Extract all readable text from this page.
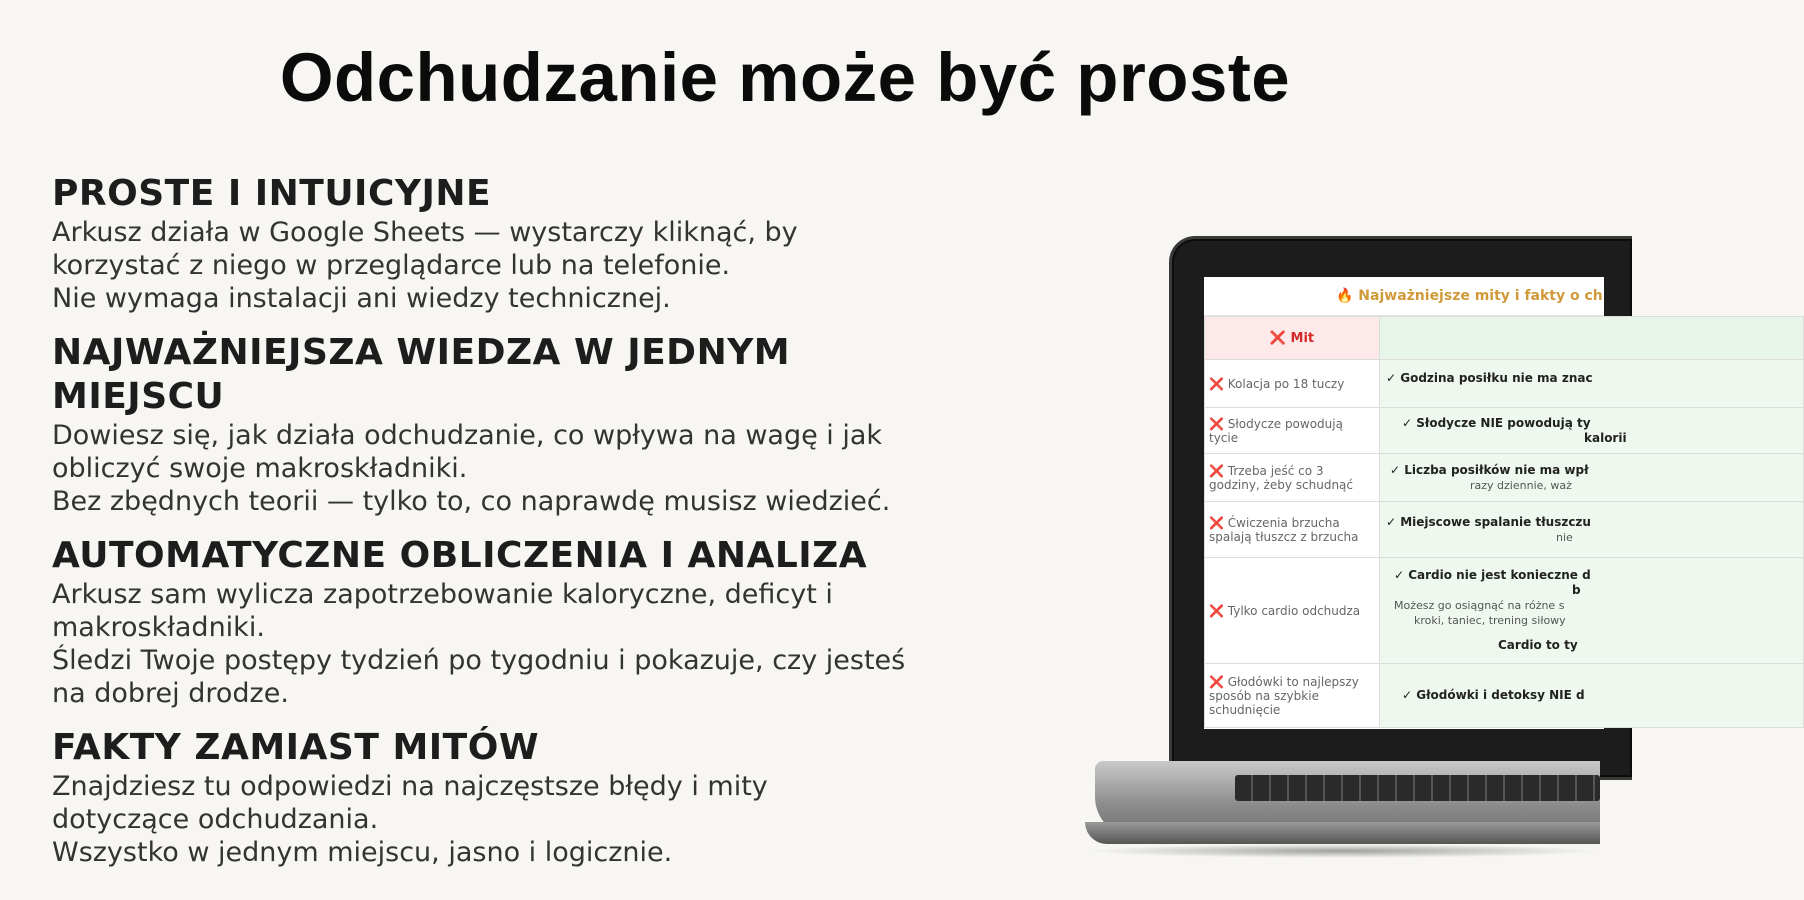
Odchudzanie może być proste
PROSTE I INTUICYJNE

Arkusz działa w Google Sheets — wystarczy kliknąć, by

korzystać z niego w przeglądarce lub na telefonie.

Nie wymaga instalacji ani wiedzy technicznej.

NAJWAŻNIEJSZA WIEDZA W JEDNYM MIEJSCU

Dowiesz się, jak działa odchudzanie, co wpływa na wagę i jak

obliczyć swoje makroskładniki.

Bez zbędnych teorii — tylko to, co naprawdę musisz wiedzieć.

AUTOMATYCZNE OBLICZENIA I ANALIZA

Arkusz sam wylicza zapotrzebowanie kaloryczne, deficyt i

makroskładniki.

Śledzi Twoje postępy tydzień po tygodniu i pokazuje, czy jesteś

na dobrej drodze.

FAKTY ZAMIAST MITÓW

Znajdziesz tu odpowiedzi na najczęstsze błędy i mity

dotyczące odchudzania.

Wszystko w jednym miejscu, jasno i logicznie.

🔥 Najważniejsze mity i fakty o ch
❌ Mit	
❌ Kolacja po 18 tuczy	✓ Godzina posiłku nie ma znac

❌ Słodycze powodują tycie	✓ Słodycze NIE powodują ty
kalorii

❌ Trzeba jeść co 3 godziny, żeby schudnąć	✓ Liczba posiłków nie ma wpł
razy dziennie, waż

❌ Ćwiczenia brzucha spalają tłuszcz z brzucha	✓ Miejscowe spalanie tłuszczu
nie

❌ Tylko cardio odchudza	✓ Cardio nie jest konieczne d
b
Możesz go osiągnąć na różne s
kroki, taniec, trening siłowy
Cardio to ty

❌ Głodówki to najlepszy sposób na szybkie schudnięcie	✓ Głodówki i detoksy NIE d
